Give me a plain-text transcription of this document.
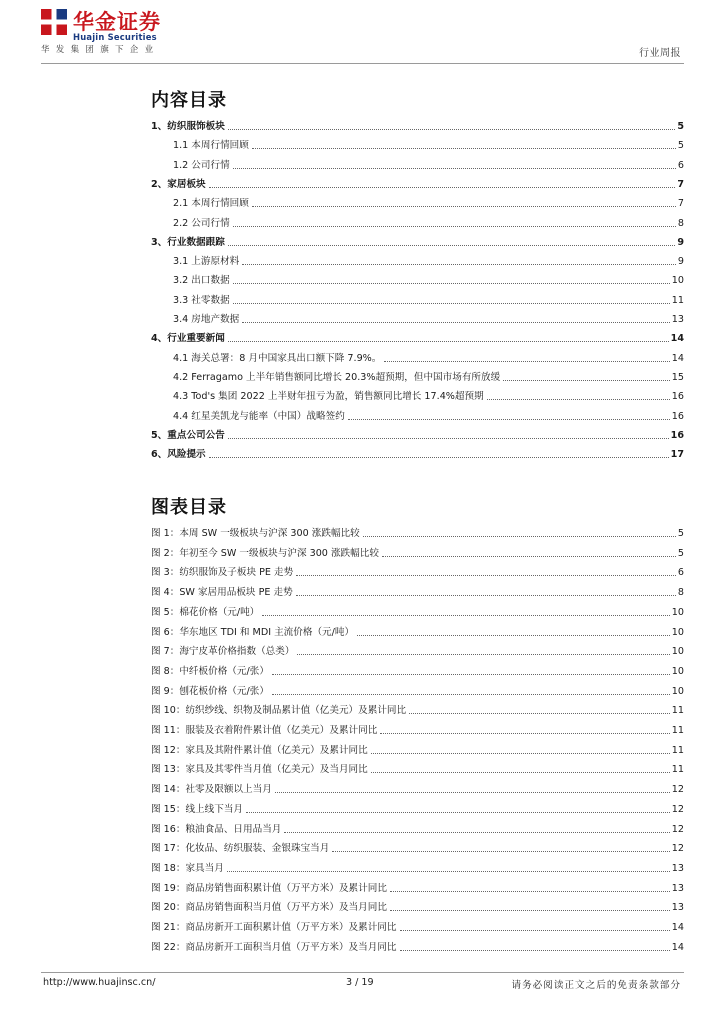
华金证券
Huajin Securities
华发集团旗下企业	行业周报
内容目录
1、纺织服饰板块	5
1.1 本周行情回顾	5
1.2 公司行情	6
2、家居板块	7
2.1 本周行情回顾	7
2.2 公司行情	8
3、行业数据跟踪	9
3.1 上游原材料	9
3.2 出口数据	10
3.3 社零数据	11
3.4 房地产数据	13
4、行业重要新闻	14
4.1 海关总署：8 月中国家具出口额下降 7.9%。	14
4.2 Ferragamo 上半年销售额同比增长 20.3%超预期，但中国市场有所放缓	15
4.3 Tod's 集团 2022 上半财年扭亏为盈，销售额同比增长 17.4%超预期	16
4.4 红星美凯龙与能率（中国）战略签约	16
5、重点公司公告	16
6、风险提示	17
图表目录
图 1：本周 SW 一级板块与沪深 300 涨跌幅比较	5
图 2：年初至今 SW 一级板块与沪深 300 涨跌幅比较	5
图 3：纺织服饰及子板块 PE 走势	6
图 4：SW 家居用品板块 PE 走势	8
图 5：棉花价格（元/吨）	10
图 6：华东地区 TDI 和 MDI 主流价格（元/吨）	10
图 7：海宁皮革价格指数（总类）	10
图 8：中纤板价格（元/张）	10
图 9：刨花板价格（元/张）	10
图 10：纺织纱线、织物及制品累计值（亿美元）及累计同比	11
图 11：服装及衣着附件累计值（亿美元）及累计同比	11
图 12：家具及其附件累计值（亿美元）及累计同比	11
图 13：家具及其零件当月值（亿美元）及当月同比	11
图 14：社零及限额以上当月	12
图 15：线上线下当月	12
图 16：粮油食品、日用品当月	12
图 17：化妆品、纺织服装、金银珠宝当月	12
图 18：家具当月	13
图 19：商品房销售面积累计值（万平方米）及累计同比	13
图 20：商品房销售面积当月值（万平方米）及当月同比	13
图 21：商品房新开工面积累计值（万平方米）及累计同比	14
图 22：商品房新开工面积当月值（万平方米）及当月同比	14
http://www.huajinsc.cn/	3 / 19	请务必阅读正文之后的免责条款部分
